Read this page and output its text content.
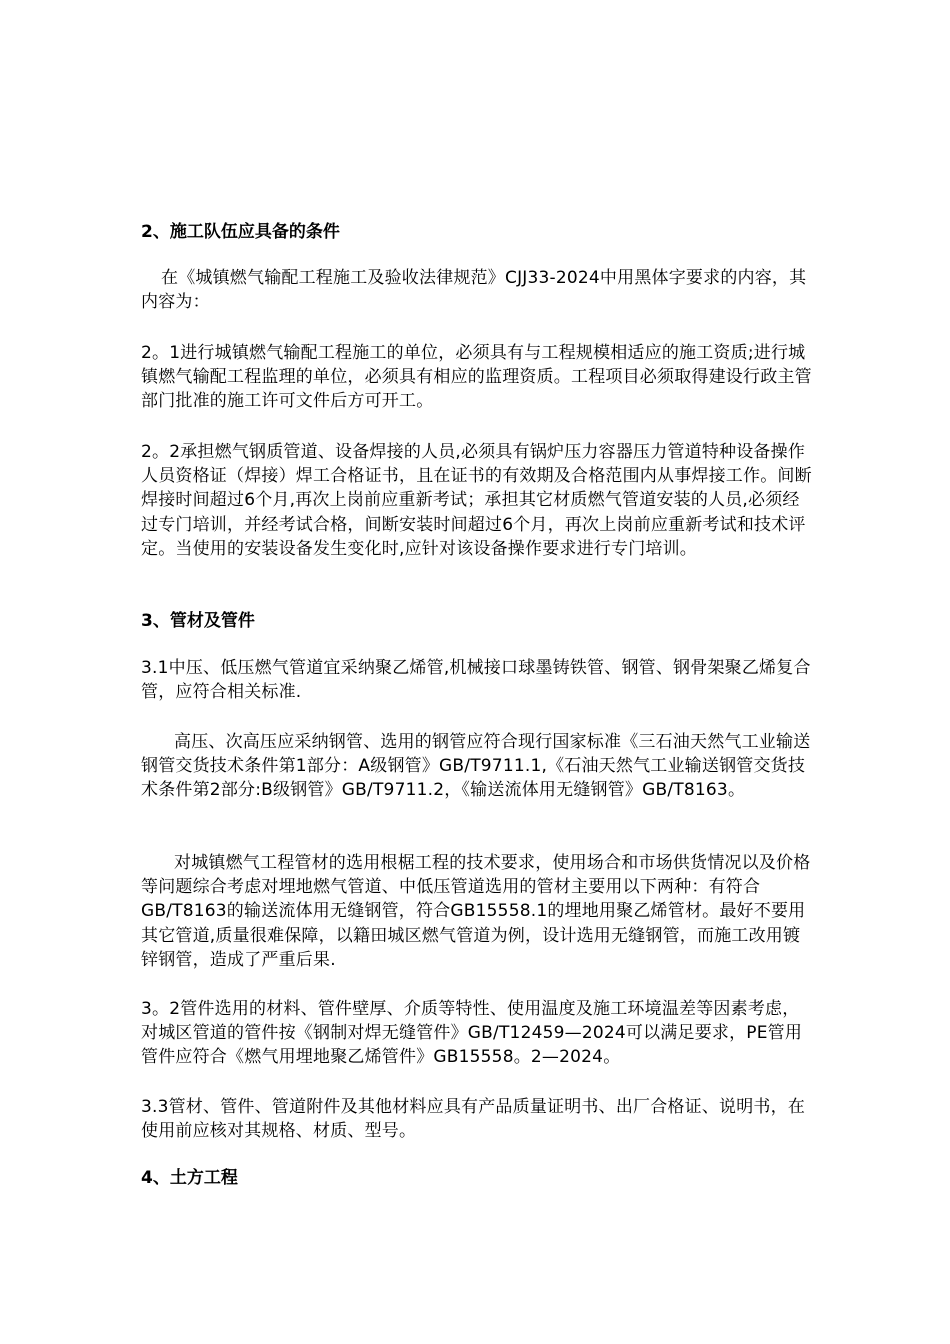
2、施工队伍应具备的条件

在《城镇燃气输配工程施工及验收法律规范》CJJ33-2024中用黑体字要求的内容，其内容为：

2。1进行城镇燃气输配工程施工的单位，必须具有与工程规模相适应的施工资质;进行城镇燃气输配工程监理的单位，必须具有相应的监理资质。工程项目必须取得建设行政主管部门批准的施工许可文件后方可开工。

2。2承担燃气钢质管道、设备焊接的人员,必须具有锅炉压力容器压力管道特种设备操作人员资格证（焊接）焊工合格证书，且在证书的有效期及合格范围内从事焊接工作。间断焊接时间超过6个月,再次上岗前应重新考试；承担其它材质燃气管道安装的人员,必须经过专门培训，并经考试合格，间断安装时间超过6个月，再次上岗前应重新考试和技术评定。当使用的安装设备发生变化时,应针对该设备操作要求进行专门培训。

3、管材及管件

3.1中压、低压燃气管道宜采纳聚乙烯管,机械接口球墨铸铁管、钢管、钢骨架聚乙烯复合管，应符合相关标准.

高压、次高压应采纳钢管、选用的钢管应符合现行国家标准《三石油天然气工业输送钢管交货技术条件第1部分：A级钢管》GB/T9711.1,《石油天然气工业输送钢管交货技术条件第2部分:B级钢管》GB/T9711.2，《输送流体用无缝钢管》GB/T8163。

对城镇燃气工程管材的选用根椐工程的技术要求，使用场合和市场供货情况以及价格等问题综合考虑对埋地燃气管道、中低压管道选用的管材主要用以下两种：有符合GB/T8163的输送流体用无缝钢管，符合GB15558.1的埋地用聚乙烯管材。最好不要用其它管道,质量很难保障，以籍田城区燃气管道为例，设计选用无缝钢管，而施工改用镀锌钢管，造成了严重后果.

3。2管件选用的材料、管件壁厚、介质等特性、使用温度及施工环境温差等因素考虑，对城区管道的管件按《钢制对焊无缝管件》GB/T12459—2024可以满足要求，PE管用管件应符合《燃气用埋地聚乙烯管件》GB15558。2—2024。

3.3管材、管件、管道附件及其他材料应具有产品质量证明书、出厂合格证、说明书，在使用前应核对其规格、材质、型号。

4、土方工程
